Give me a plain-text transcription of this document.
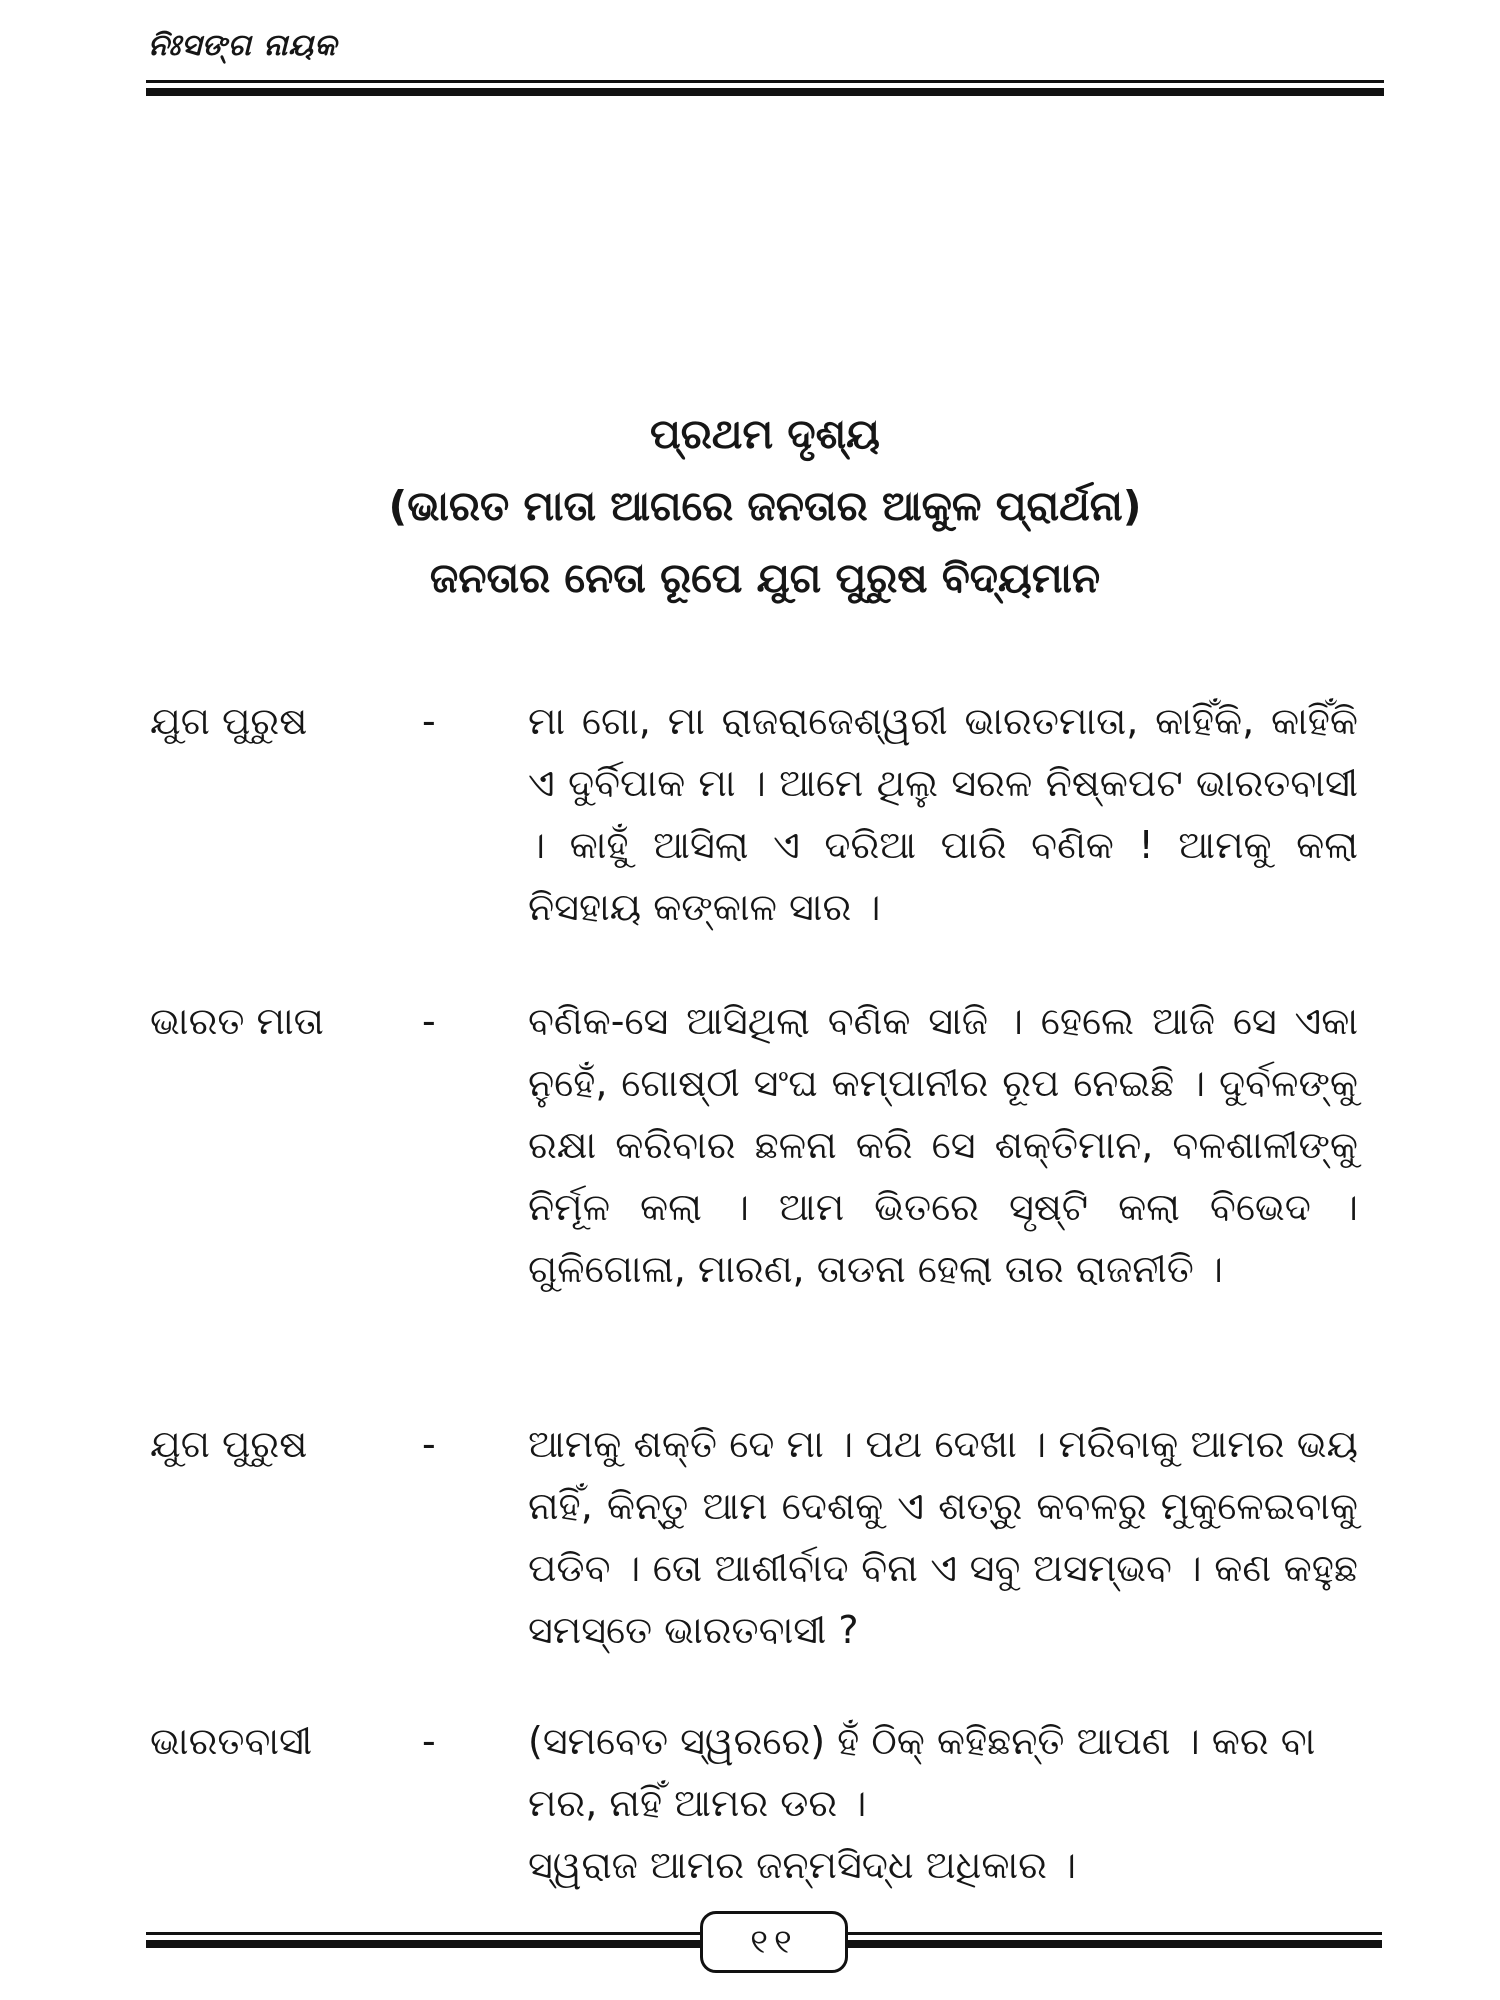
ନିଃସଙ୍ଗ ନାୟକ
ପ୍ରଥମ ଦୃଶ୍ୟ
(ଭାରତ ମାତା ଆଗରେ ଜନତାର ଆକୁଳ ପ୍ରାର୍ଥନା)
ଜନତାର ନେତା ରୂପେ ଯୁଗ ପୁରୁଷ ବିଦ୍ୟମାନ
ଯୁଗ ପୁରୁଷ	- ମା ଗୋ, ମା ରାଜରାଜେଶ୍ୱରୀ ଭାରତମାତା, କାହିଁକି, କାହିଁକି ଏ ଦୁର୍ବିପାକ ମା । ଆମେ ଥିଲୁ ସରଳ ନିଷ୍କପଟ ଭାରତବାସୀ । କାହୁଁ ଆସିଲା ଏ ଦରିଆ ପାରି ବଣିକ ! ଆମକୁ କଲା ନିସହାୟ କଙ୍କାଳ ସାର ।
ଭାରତ ମାତା	- ବଣିକ-ସେ ଆସିଥିଲା ବଣିକ ସାଜି । ହେଲେ ଆଜି ସେ ଏକା ନୁହେଁ, ଗୋଷ୍ଠୀ ସଂଘ କମ୍ପାନୀର ରୂପ ନେଇଛି । ଦୁର୍ବଳଙ୍କୁ ରକ୍ଷା କରିବାର ଛଳନା କରି ସେ ଶକ୍ତିମାନ, ବଳଶାଳୀଙ୍କୁ ନିର୍ମୂଳ କଲା । ଆମ ଭିତରେ ସୃଷ୍ଟି କଲା ବିଭେଦ । ଗୁଳିଗୋଳା, ମାରଣ, ତାଡନା ହେଲା ତାର ରାଜନୀତି ।
ଯୁଗ ପୁରୁଷ	- ଆମକୁ ଶକ୍ତି ଦେ ମା । ପଥ ଦେଖା । ମରିବାକୁ ଆମର ଭୟ ନାହିଁ, କିନ୍ତୁ ଆମ ଦେଶକୁ ଏ ଶତ୍ରୁ କବଳରୁ ମୁକୁଳେଇବାକୁ ପଡିବ । ତୋ ଆଶୀର୍ବାଦ ବିନା ଏ ସବୁ ଅସମ୍ଭବ । କଣ କହୁଛ ସମସ୍ତେ ଭାରତବାସୀ ?
ଭାରତବାସୀ	- (ସମବେତ ସ୍ୱରରେ) ହଁ ଠିକ୍ କହିଛନ୍ତି ଆପଣ । କର ବା
ମର, ନାହିଁ ଆମର ଡର ।
ସ୍ୱରାଜ ଆମର ଜନ୍ମସିଦ୍ଧ ଅଧିକାର ।
୧୧
